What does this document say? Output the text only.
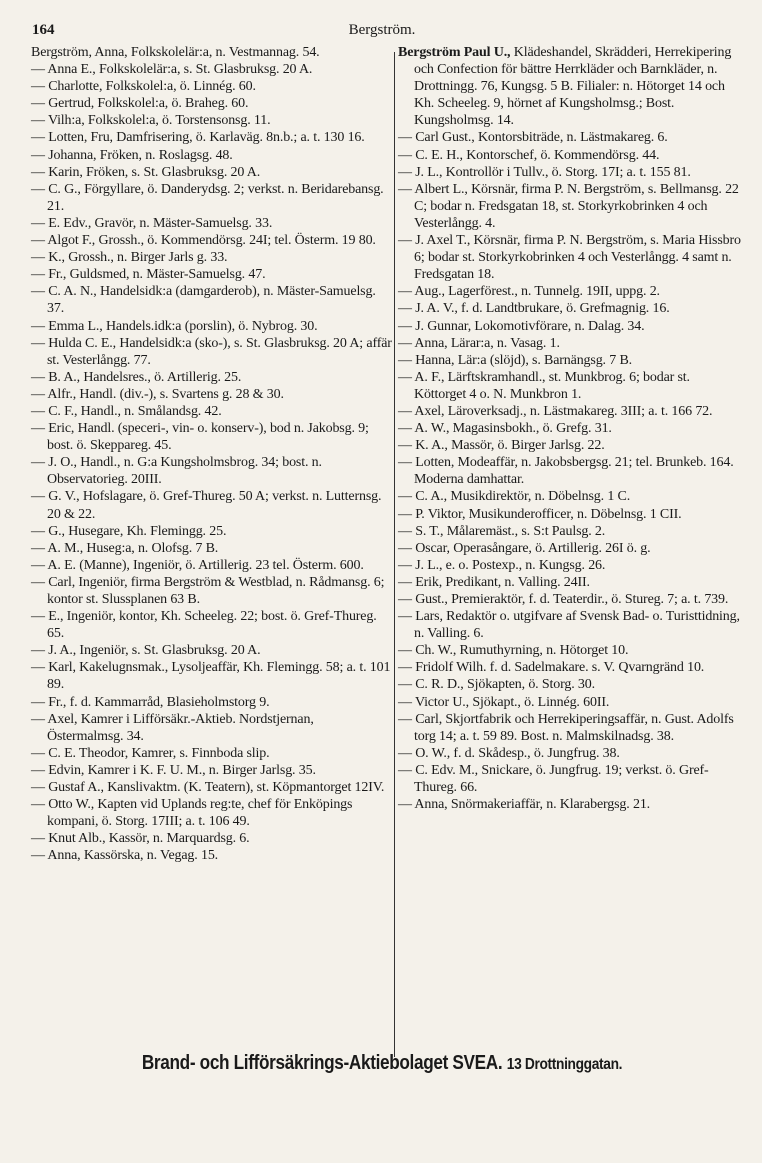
164	Bergström.

Bergström, Anna, Folkskolelär:a, n. Vestmannag. 54.

— Anna E., Folkskolelär:a, s. St. Glasbruksg. 20 A.

— Charlotte, Folkskolel:a, ö. Linnég. 60.

— Gertrud, Folkskolel:a, ö. Braheg. 60.

— Vilh:a, Folkskolel:a, ö. Torstensonsg. 11.

— Lotten, Fru, Damfrisering, ö. Karlaväg. 8n.b.; a. t. 130 16.

— Johanna, Fröken, n. Roslagsg. 48.

— Karin, Fröken, s. St. Glasbruksg. 20 A.

— C. G., Förgyllare, ö. Danderydsg. 2; verkst. n. Beridarebansg. 21.

— E. Edv., Gravör, n. Mäster-Samuelsg. 33.

— Algot F., Grossh., ö. Kommendörsg. 24I; tel. Österm. 19 80.

— K., Grossh., n. Birger Jarls g. 33.

— Fr., Guldsmed, n. Mäster-Samuelsg. 47.

— C. A. N., Handelsidk:a (damgarderob), n. Mäster-Samuelsg. 37.

— Emma L., Handels.idk:a (porslin), ö. Nybrog. 30.

— Hulda C. E., Handelsidk:a (sko-), s. St. Glasbruksg. 20 A; affär st. Vesterlångg. 77.

— B. A., Handelsres., ö. Artillerig. 25.

— Alfr., Handl. (div.-), s. Svartens g. 28 & 30.

— C. F., Handl., n. Smålandsg. 42.

— Eric, Handl. (speceri-, vin- o. konserv-), bod n. Jakobsg. 9; bost. ö. Skeppareg. 45.

— J. O., Handl., n. G:a Kungsholmsbrog. 34; bost. n. Observatorieg. 20III.

— G. V., Hofslagare, ö. Gref-Thureg. 50 A; verkst. n. Lutternsg. 20 & 22.

— G., Husegare, Kh. Flemingg. 25.

— A. M., Huseg:a, n. Olofsg. 7 B.

— A. E. (Manne), Ingeniör, ö. Artillerig. 23 tel. Österm. 600.

— Carl, Ingeniör, firma Bergström & Westblad, n. Rådmansg. 6; kontor st. Slussplanen 63 B.

— E., Ingeniör, kontor, Kh. Scheeleg. 22; bost. ö. Gref-Thureg. 65.

— J. A., Ingeniör, s. St. Glasbruksg. 20 A.

— Karl, Kakelugnsmak., Lysoljeaffär, Kh. Flemingg. 58; a. t. 101 89.

— Fr., f. d. Kammarråd, Blasieholmstorg 9.

— Axel, Kamrer i Lifförsäkr.-Aktieb. Nordstjernan, Östermalmsg. 34.

— C. E. Theodor, Kamrer, s. Finnboda slip.

— Edvin, Kamrer i K. F. U. M., n. Birger Jarlsg. 35.

— Gustaf A., Kanslivaktm. (K. Teatern), st. Köpmantorget 12IV.

— Otto W., Kapten vid Uplands reg:te, chef för Enköpings kompani, ö. Storg. 17III; a. t. 106 49.

— Knut Alb., Kassör, n. Marquardsg. 6.

— Anna, Kassörska, n. Vegag. 15.

Bergström Paul U., Klädeshandel, Skrädderi, Herrekipering och Confection för bättre Herrkläder och Barnkläder, n. Drottningg. 76, Kungsg. 5 B. Filialer: n. Hötorget 14 och Kh. Scheeleg. 9, hörnet af Kungsholmsg.; Bost. Kungsholmsg. 14.

— Carl Gust., Kontorsbiträde, n. Lästmakareg. 6.

— C. E. H., Kontorschef, ö. Kommendörsg. 44.

— J. L., Kontrollör i Tullv., ö. Storg. 17I; a. t. 155 81.

— Albert L., Körsnär, firma P. N. Bergström, s. Bellmansg. 22 C; bodar n. Fredsgatan 18, st. Storkyrkobrinken 4 och Vesterlångg. 4.

— J. Axel T., Körsnär, firma P. N. Bergström, s. Maria Hissbro 6; bodar st. Storkyrkobrinken 4 och Vesterlångg. 4 samt n. Fredsgatan 18.

— Aug., Lagerförest., n. Tunnelg. 19II, uppg. 2.

— J. A. V., f. d. Landtbrukare, ö. Grefmagnig. 16.

— J. Gunnar, Lokomotivförare, n. Dalag. 34.

— Anna, Lärar:a, n. Vasag. 1.

— Hanna, Lär:a (slöjd), s. Barnängsg. 7 B.

— A. F., Lärftskramhandl., st. Munkbrog. 6; bodar st. Köttorget 4 o. N. Munkbron 1.

— Axel, Läroverksadj., n. Lästmakareg. 3III; a. t. 166 72.

— A. W., Magasinsbokh., ö. Grefg. 31.

— K. A., Massör, ö. Birger Jarlsg. 22.

— Lotten, Modeaffär, n. Jakobsbergsg. 21; tel. Brunkeb. 164. Moderna damhattar.

— C. A., Musikdirektör, n. Döbelnsg. 1 C.

— P. Viktor, Musikunderofficer, n. Döbelnsg. 1 CII.

— S. T., Målaremäst., s. S:t Paulsg. 2.

— Oscar, Operasångare, ö. Artillerig. 26I ö. g.

— J. L., e. o. Postexp., n. Kungsg. 26.

— Erik, Predikant, n. Valling. 24II.

— Gust., Premieraktör, f. d. Teaterdir., ö. Stureg. 7; a. t. 739.

— Lars, Redaktör o. utgifvare af Svensk Bad- o. Turisttidning, n. Valling. 6.

— Ch. W., Rumuthyrning, n. Hötorget 10.

— Fridolf Wilh. f. d. Sadelmakare. s. V. Qvarngränd 10.

— C. R. D., Sjökapten, ö. Storg. 30.

— Victor U., Sjökapt., ö. Linnég. 60II.

— Carl, Skjortfabrik och Herrekiperingsaffär, n. Gust. Adolfs torg 14; a. t. 59 89. Bost. n. Malmskilnadsg. 38.

— O. W., f. d. Skådesp., ö. Jungfrug. 38.

— C. Edv. M., Snickare, ö. Jungfrug. 19; verkst. ö. Gref-Thureg. 66.

— Anna, Snörmakeriaffär, n. Klarabergsg. 21.

Brand- och Lifförsäkrings-Aktiebolaget SVEA. 13 Drottninggatan.
